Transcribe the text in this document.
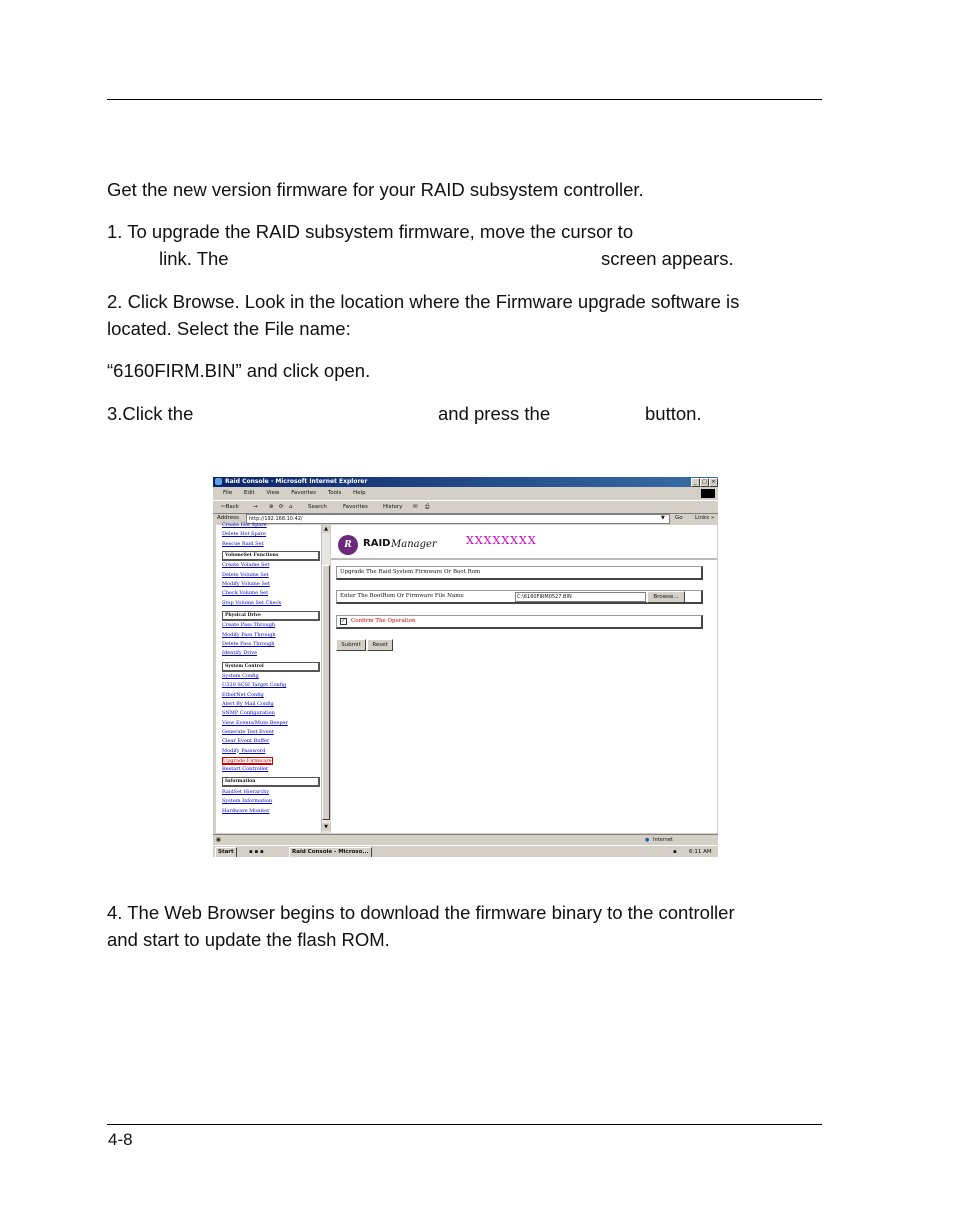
Get the new version firmware for your RAID subsystem controller.
1. To upgrade the RAID subsystem firmware, move the cursor to
link. The	screen appears.
2. Click Browse. Look in the location where the Firmware upgrade software is
located. Select the File name:
“6160FIRM.BIN” and click open.
3.Click the	and press the	button.
Raid Console - Microsoft Internet Explorer	_	□ ×
File Edit View Favorites Tools Help
⇦Back	→ ⊗ ⟳ ⌂	Search	Favorites	History ✉ ⎙
Address	http://192.168.10.42/	▼ Go Links »
Create Hot Spare
Delete Hot Spare
Rescue Raid Set
VolumeSet Functions
Create Volume Set
Delete Volume Set
Modify Volume Set
Check Volume Set
Stop Volume Set Check
Physical Drive
Create Pass Through
Modify Pass Through
Delete Pass Through
Identify Drive
System Control
System Config
U320 SCSI Target Config
EtherNet Config
Alert By Mail Config
SNMP Configuration
View Events/Mute Beeper
Generate Test Event
Clear Event Buffer
Modify Password
Upgrade Firmware
Restart Controller
Information
RaidSet Hierarchy
System Information
Hardware Monitor
▲
▼
R	RAID Manager	XXXXXXXX
Upgrade The Raid System Firmware Or Boot Rom
Enter The BootRom Or Firmware File Name	C:\6160FIRM0527.BIN	Browse...
✓ Confirm The Operation
Submit	Reset
▣	● Internet
Start	▪ ▪ ▪	Raid Console - Microso...	▪ 6:11 AM
4. The Web Browser begins to download the firmware binary to the controller
and start to update the flash ROM.
4-8
